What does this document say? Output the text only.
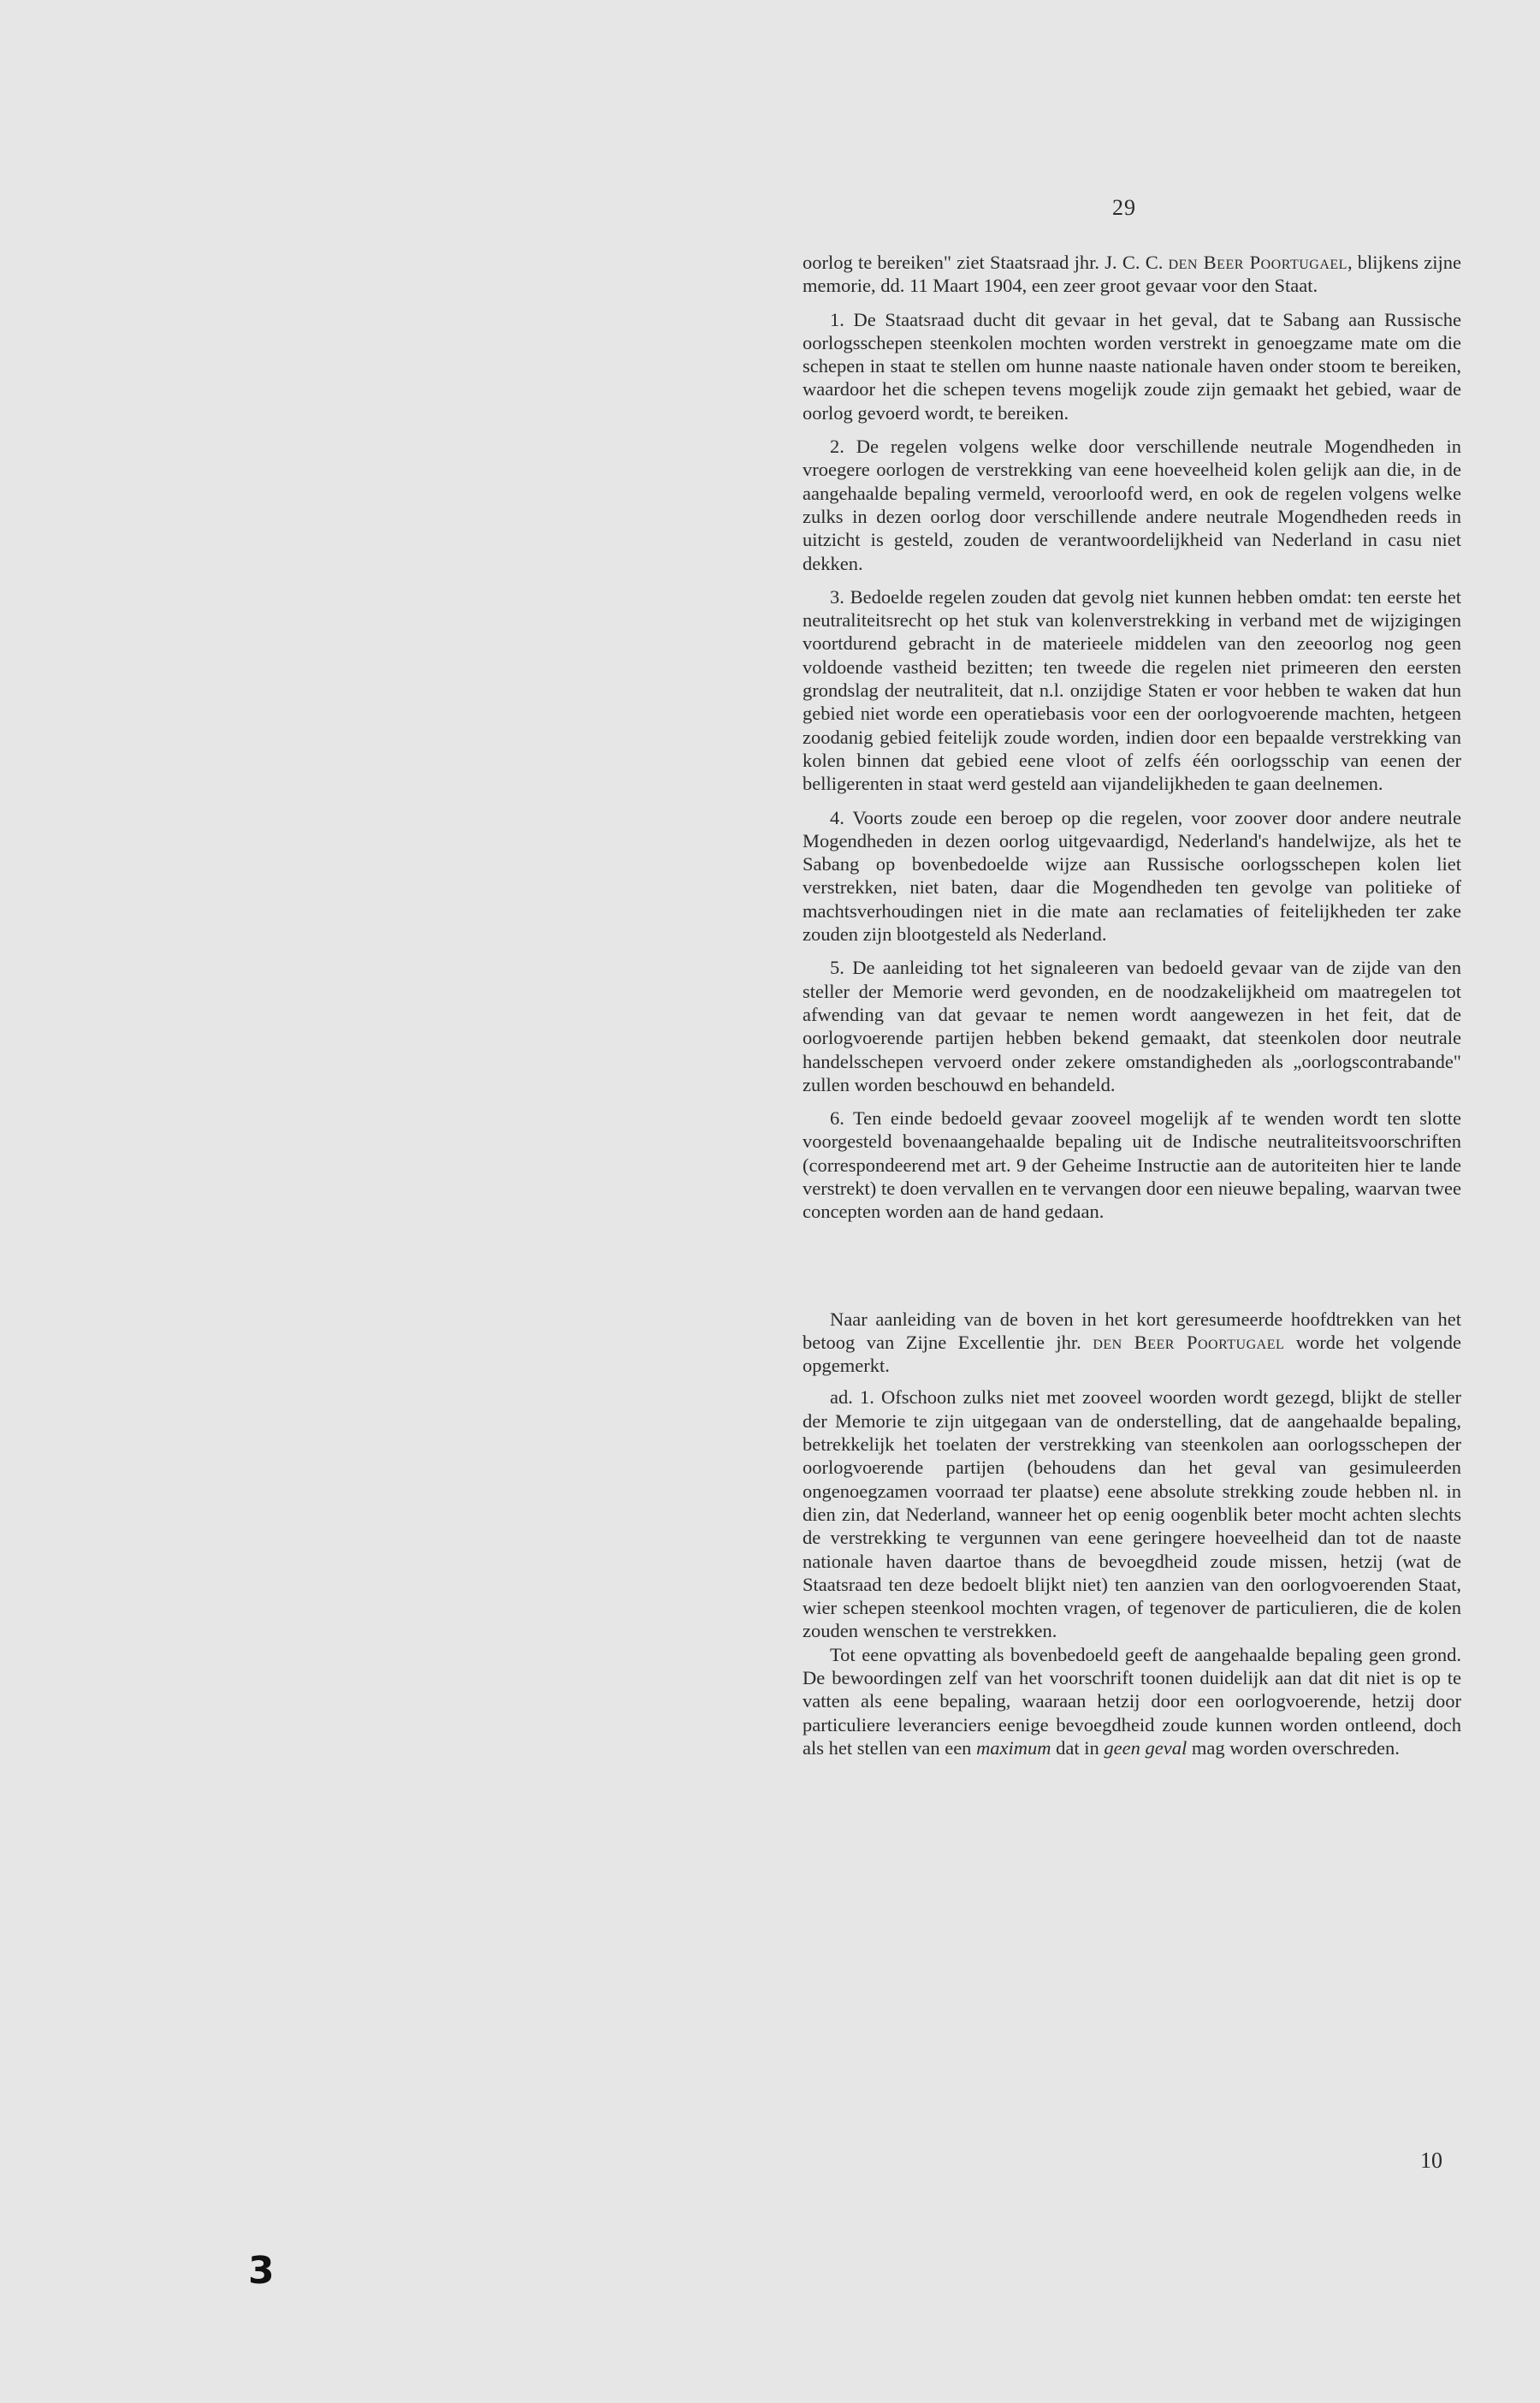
29

oorlog te bereiken" ziet Staatsraad jhr. J. C. C. den Beer Poortugael, blijkens zijne memorie, dd. 11 Maart 1904, een zeer groot gevaar voor den Staat.

1. De Staatsraad ducht dit gevaar in het geval, dat te Sabang aan Russische oorlogsschepen steenkolen mochten worden verstrekt in genoegzame mate om die schepen in staat te stellen om hunne naaste nationale haven onder stoom te bereiken, waardoor het die schepen tevens mogelijk zoude zijn gemaakt het gebied, waar de oorlog gevoerd wordt, te bereiken.

2. De regelen volgens welke door verschillende neutrale Mogendheden in vroegere oorlogen de verstrekking van eene hoeveelheid kolen gelijk aan die, in de aangehaalde bepaling vermeld, veroorloofd werd, en ook de regelen volgens welke zulks in dezen oorlog door verschillende andere neutrale Mogendheden reeds in uitzicht is gesteld, zouden de verantwoordelijkheid van Nederland in casu niet dekken.

3. Bedoelde regelen zouden dat gevolg niet kunnen hebben omdat: ten eerste het neutraliteitsrecht op het stuk van kolenverstrekking in verband met de wijzigingen voortdurend gebracht in de materieele middelen van den zeeoorlog nog geen voldoende vastheid bezitten; ten tweede die regelen niet primeeren den eersten grondslag der neutraliteit, dat n.l. onzijdige Staten er voor hebben te waken dat hun gebied niet worde een operatiebasis voor een der oorlogvoerende machten, hetgeen zoodanig gebied feitelijk zoude worden, indien door een bepaalde verstrekking van kolen binnen dat gebied eene vloot of zelfs één oorlogsschip van eenen der belligerenten in staat werd gesteld aan vijandelijkheden te gaan deelnemen.

4. Voorts zoude een beroep op die regelen, voor zoover door andere neutrale Mogendheden in dezen oorlog uitgevaardigd, Nederland's handelwijze, als het te Sabang op bovenbedoelde wijze aan Russische oorlogsschepen kolen liet verstrekken, niet baten, daar die Mogendheden ten gevolge van politieke of machtsverhoudingen niet in die mate aan reclamaties of feitelijkheden ter zake zouden zijn blootgesteld als Nederland.

5. De aanleiding tot het signaleeren van bedoeld gevaar van de zijde van den steller der Memorie werd gevonden, en de noodzakelijkheid om maatregelen tot afwending van dat gevaar te nemen wordt aangewezen in het feit, dat de oorlogvoerende partijen hebben bekend gemaakt, dat steenkolen door neutrale handelsschepen vervoerd onder zekere omstandigheden als „oorlogscontrabande" zullen worden beschouwd en behandeld.

6. Ten einde bedoeld gevaar zooveel mogelijk af te wenden wordt ten slotte voorgesteld bovenaangehaalde bepaling uit de Indische neutraliteitsvoorschriften (correspondeerend met art. 9 der Geheime Instructie aan de autoriteiten hier te lande verstrekt) te doen vervallen en te vervangen door een nieuwe bepaling, waarvan twee concepten worden aan de hand gedaan.

Naar aanleiding van de boven in het kort geresumeerde hoofdtrekken van het betoog van Zijne Excellentie jhr. den Beer Poortugael worde het volgende opgemerkt.

ad. 1. Ofschoon zulks niet met zooveel woorden wordt gezegd, blijkt de steller der Memorie te zijn uitgegaan van de onderstelling, dat de aangehaalde bepaling, betrekkelijk het toelaten der verstrekking van steenkolen aan oorlogsschepen der oorlogvoerende partijen (behoudens dan het geval van gesimuleerden ongenoegzamen voorraad ter plaatse) eene absolute strekking zoude hebben nl. in dien zin, dat Nederland, wanneer het op eenig oogenblik beter mocht achten slechts de verstrekking te vergunnen van eene geringere hoeveelheid dan tot de naaste nationale haven daartoe thans de bevoegdheid zoude missen, hetzij (wat de Staatsraad ten deze bedoelt blijkt niet) ten aanzien van den oorlogvoerenden Staat, wier schepen steenkool mochten vragen, of tegenover de particulieren, die de kolen zouden wenschen te verstrekken.

Tot eene opvatting als bovenbedoeld geeft de aangehaalde bepaling geen grond. De bewoordingen zelf van het voorschrift toonen duidelijk aan dat dit niet is op te vatten als eene bepaling, waaraan hetzij door een oorlogvoerende, hetzij door particuliere leveranciers eenige bevoegdheid zoude kunnen worden ontleend, doch als het stellen van een maximum dat in geen geval mag worden overschreden.

10
3
